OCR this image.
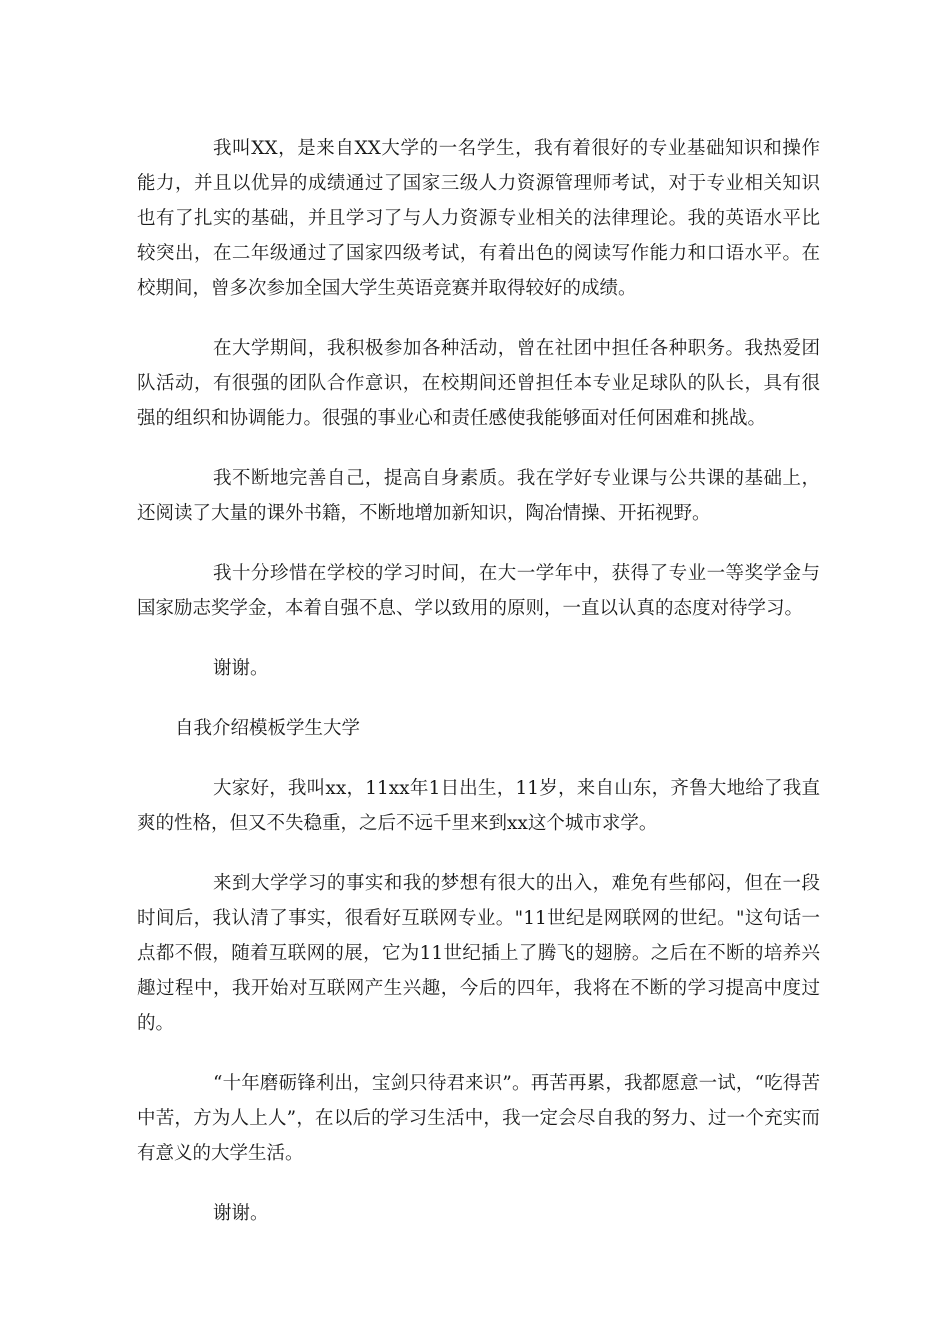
我叫XX，是来自XX大学的一名学生，我有着很好的专业基础知识和操作能力，并且以优异的成绩通过了国家三级人力资源管理师考试，对于专业相关知识也有了扎实的基础，并且学习了与人力资源专业相关的法律理论。我的英语水平比较突出，在二年级通过了国家四级考试，有着出色的阅读写作能力和口语水平。在校期间，曾多次参加全国大学生英语竞赛并取得较好的成绩。

在大学期间，我积极参加各种活动，曾在社团中担任各种职务。我热爱团队活动，有很强的团队合作意识，在校期间还曾担任本专业足球队的队长，具有很强的组织和协调能力。很强的事业心和责任感使我能够面对任何困难和挑战。

我不断地完善自己，提高自身素质。我在学好专业课与公共课的基础上，还阅读了大量的课外书籍，不断地增加新知识，陶冶情操、开拓视野。

我十分珍惜在学校的学习时间，在大一学年中，获得了专业一等奖学金与国家励志奖学金，本着自强不息、学以致用的原则，一直以认真的态度对待学习。

谢谢。

自我介绍模板学生大学

大家好，我叫xx，11xx年1日出生，11岁，来自山东，齐鲁大地给了我直爽的性格，但又不失稳重，之后不远千里来到xx这个城市求学。

来到大学学习的事实和我的梦想有很大的出入，难免有些郁闷，但在一段时间后，我认清了事实，很看好互联网专业。"11世纪是网联网的世纪。"这句话一点都不假，随着互联网的展，它为11世纪插上了腾飞的翅膀。之后在不断的培养兴趣过程中，我开始对互联网产生兴趣，今后的四年，我将在不断的学习提高中度过的。

“十年磨砺锋利出，宝剑只待君来识”。再苦再累，我都愿意一试，“吃得苦中苦，方为人上人”，在以后的学习生活中，我一定会尽自我的努力、过一个充实而有意义的大学生活。

谢谢。
